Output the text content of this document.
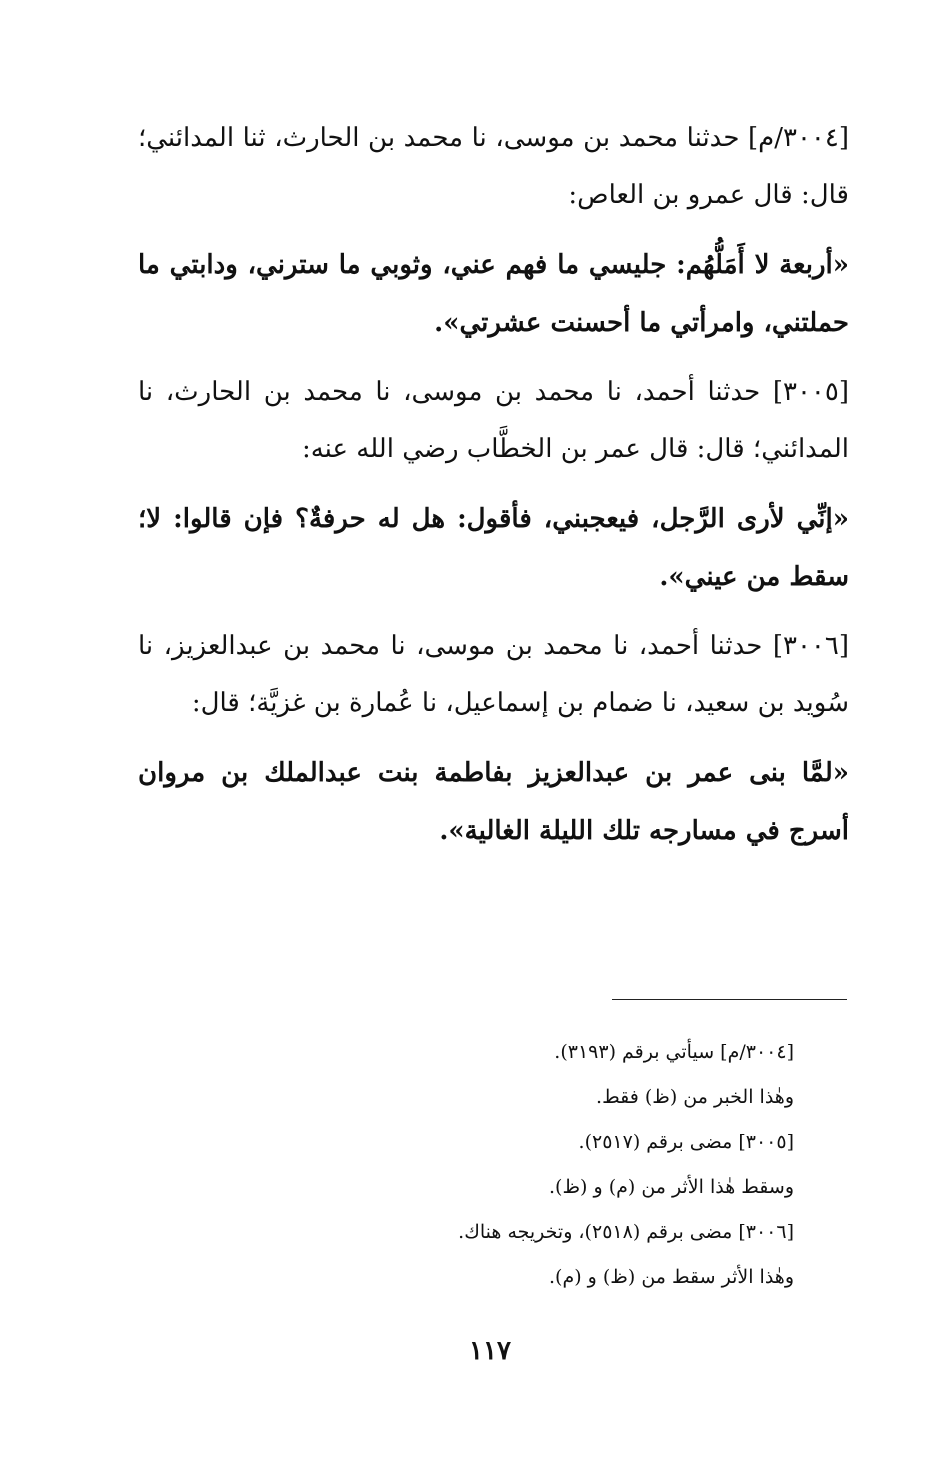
[٣٠٠٤/م] حدثنا محمد بن موسى، نا محمد بن الحارث، ثنا المدائني؛ قال: قال عمرو بن العاص:

«أربعة لا أَمَلُّهُم: جليسي ما فهم عني، وثوبي ما سترني، ودابتي ما حملتني، وامرأتي ما أحسنت عشرتي».

[٣٠٠٥] حدثنا أحمد، نا محمد بن موسى، نا محمد بن الحارث، نا المدائني؛ قال: قال عمر بن الخطَّاب رضي الله عنه:

«إنِّي لأرى الرَّجل، فيعجبني، فأقول: هل له حرفةٌ؟ فإن قالوا: لا؛ سقط من عيني».

[٣٠٠٦] حدثنا أحمد، نا محمد بن موسى، نا محمد بن عبدالعزيز، نا سُويد بن سعيد، نا ضمام بن إسماعيل، نا عُمارة بن غزيَّة؛ قال:

«لمَّا بنى عمر بن عبدالعزيز بفاطمة بنت عبدالملك بن مروان أسرج في مسارجه تلك الليلة الغالية».

[٣٠٠٤/م] سيأتي برقم (٣١٩٣).

وهٰذا الخبر من (ظ) فقط.

[٣٠٠٥] مضى برقم (٢٥١٧).

وسقط هٰذا الأثر من (م) و (ظ).

[٣٠٠٦] مضى برقم (٢٥١٨)، وتخريجه هناك.

وهٰذا الأثر سقط من (ظ) و (م).

١١٧
